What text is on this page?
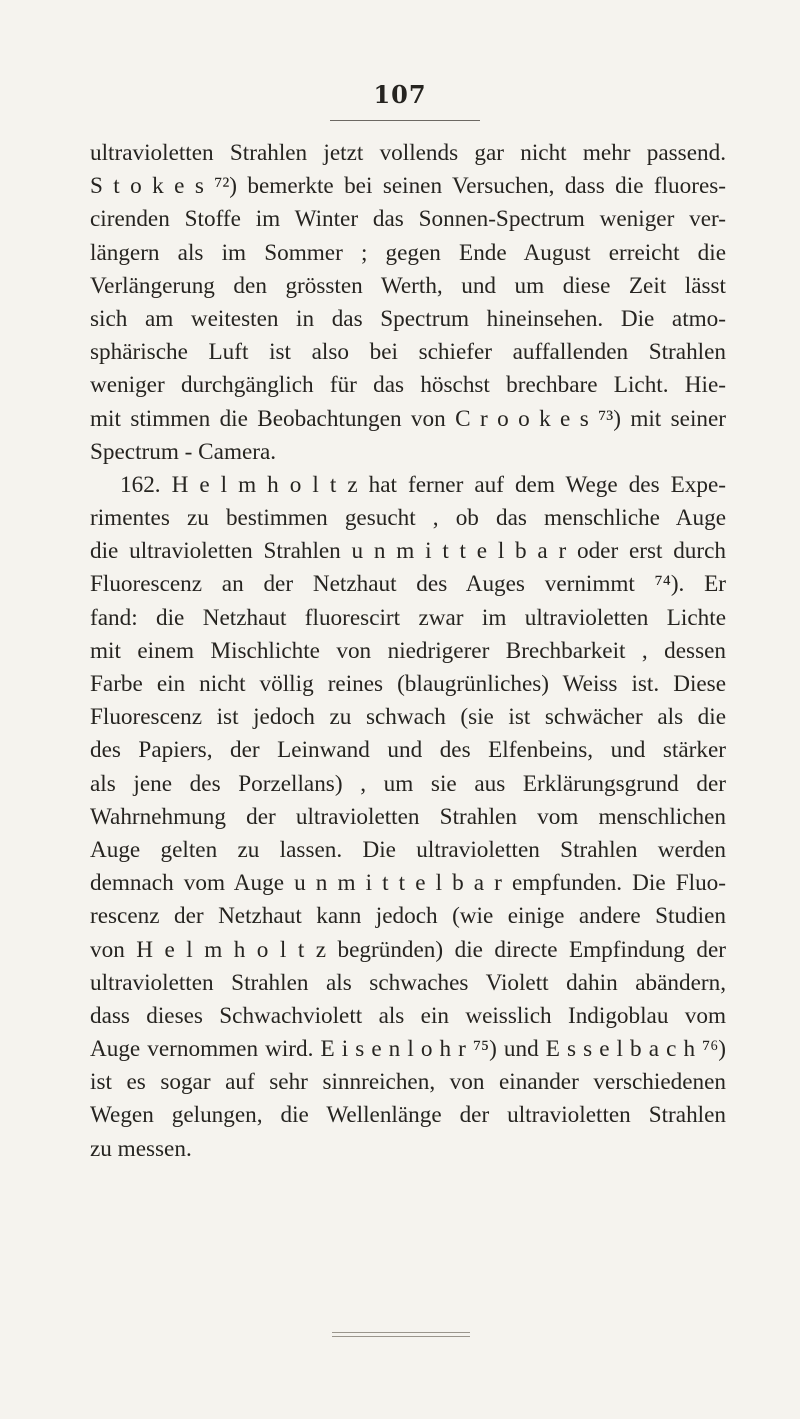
107
ultravioletten Strahlen jetzt vollends gar nicht mehr passend.
S t o k e s ⁷²) bemerkte bei seinen Versuchen, dass die fluores-
cirenden Stoffe im Winter das Sonnen-Spectrum weniger ver-
längern als im Sommer ; gegen Ende August erreicht die
Verlängerung den grössten Werth, und um diese Zeit lässt
sich am weitesten in das Spectrum hineinsehen. Die atmo-
sphärische Luft ist also bei schiefer auffallenden Strahlen
weniger durchgänglich für das höschst brechbare Licht. Hie-
mit stimmen die Beobachtungen von C r o o k e s ⁷³) mit seiner
Spectrum - Camera.
162. H e l m h o l t z hat ferner auf dem Wege des Expe-
rimentes zu bestimmen gesucht , ob das menschliche Auge
die ultravioletten Strahlen u n m i t t e l b a r oder erst durch
Fluorescenz an der Netzhaut des Auges vernimmt ⁷⁴). Er
fand: die Netzhaut fluorescirt zwar im ultravioletten Lichte
mit einem Mischlichte von niedrigerer Brechbarkeit , dessen
Farbe ein nicht völlig reines (blaugrünliches) Weiss ist. Diese
Fluorescenz ist jedoch zu schwach (sie ist schwächer als die
des Papiers, der Leinwand und des Elfenbeins, und stärker
als jene des Porzellans) , um sie aus Erklärungsgrund der
Wahrnehmung der ultravioletten Strahlen vom menschlichen
Auge gelten zu lassen. Die ultravioletten Strahlen werden
demnach vom Auge u n m i t t e l b a r empfunden. Die Fluo-
rescenz der Netzhaut kann jedoch (wie einige andere Studien
von H e l m h o l t z begründen) die directe Empfindung der
ultravioletten Strahlen als schwaches Violett dahin abändern,
dass dieses Schwachviolett als ein weisslich Indigoblau vom
Auge vernommen wird. E i s e n l o h r ⁷⁵) und E s s e l b a c h ⁷⁶)
ist es sogar auf sehr sinnreichen, von einander verschiedenen
Wegen gelungen, die Wellenlänge der ultravioletten Strahlen
zu messen.
